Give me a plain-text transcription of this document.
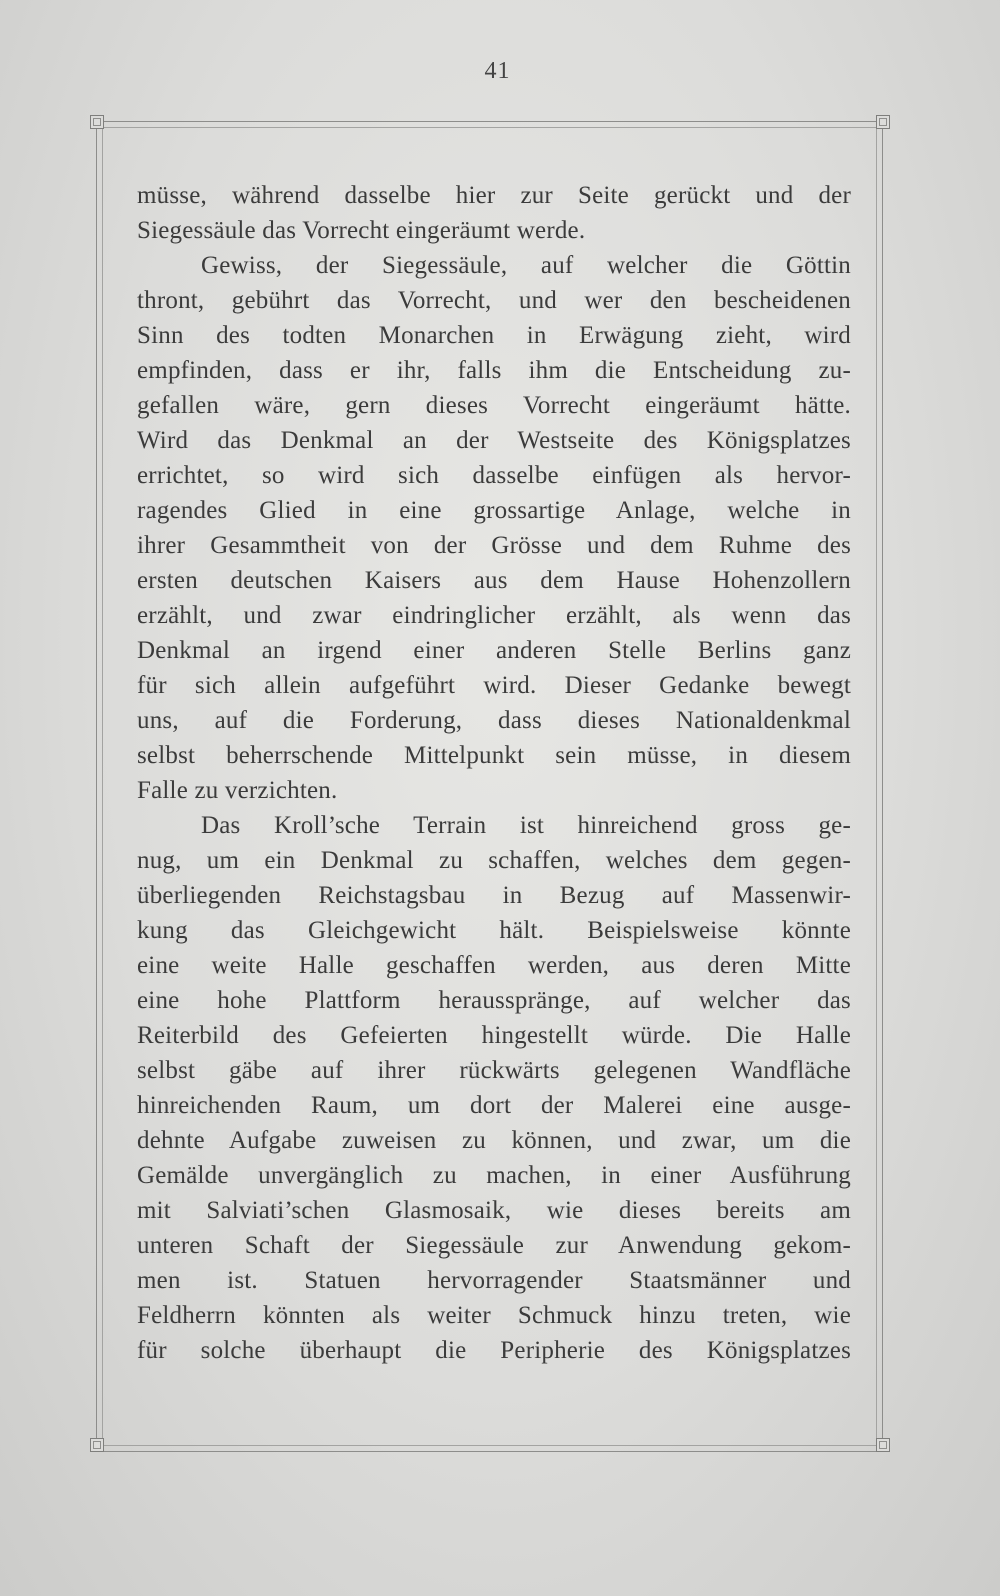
41
müsse, während dasselbe hier zur Seite gerückt und der
Siegessäule das Vorrecht eingeräumt werde.
Gewiss, der Siegessäule, auf welcher die Göttin
thront, gebührt das Vorrecht, und wer den bescheidenen
Sinn des todten Monarchen in Erwägung zieht, wird
empfinden, dass er ihr, falls ihm die Entscheidung zu-
gefallen wäre, gern dieses Vorrecht eingeräumt hätte.
Wird das Denkmal an der Westseite des Königsplatzes
errichtet, so wird sich dasselbe einfügen als hervor-
ragendes Glied in eine grossartige Anlage, welche in
ihrer Gesammtheit von der Grösse und dem Ruhme des
ersten deutschen Kaisers aus dem Hause Hohenzollern
erzählt, und zwar eindringlicher erzählt, als wenn das
Denkmal an irgend einer anderen Stelle Berlins ganz
für sich allein aufgeführt wird. Dieser Gedanke bewegt
uns, auf die Forderung, dass dieses Nationaldenkmal
selbst beherrschende Mittelpunkt sein müsse, in diesem
Falle zu verzichten.
Das Kroll’sche Terrain ist hinreichend gross ge-
nug, um ein Denkmal zu schaffen, welches dem gegen-
überliegenden Reichstagsbau in Bezug auf Massenwir-
kung das Gleichgewicht hält. Beispielsweise könnte
eine weite Halle geschaffen werden, aus deren Mitte
eine hohe Plattform herausspränge, auf welcher das
Reiterbild des Gefeierten hingestellt würde. Die Halle
selbst gäbe auf ihrer rückwärts gelegenen Wandfläche
hinreichenden Raum, um dort der Malerei eine ausge-
dehnte Aufgabe zuweisen zu können, und zwar, um die
Gemälde unvergänglich zu machen, in einer Ausführung
mit Salviati’schen Glasmosaik, wie dieses bereits am
unteren Schaft der Siegessäule zur Anwendung gekom-
men ist. Statuen hervorragender Staatsmänner und
Feldherrn könnten als weiter Schmuck hinzu treten, wie
für solche überhaupt die Peripherie des Königsplatzes
